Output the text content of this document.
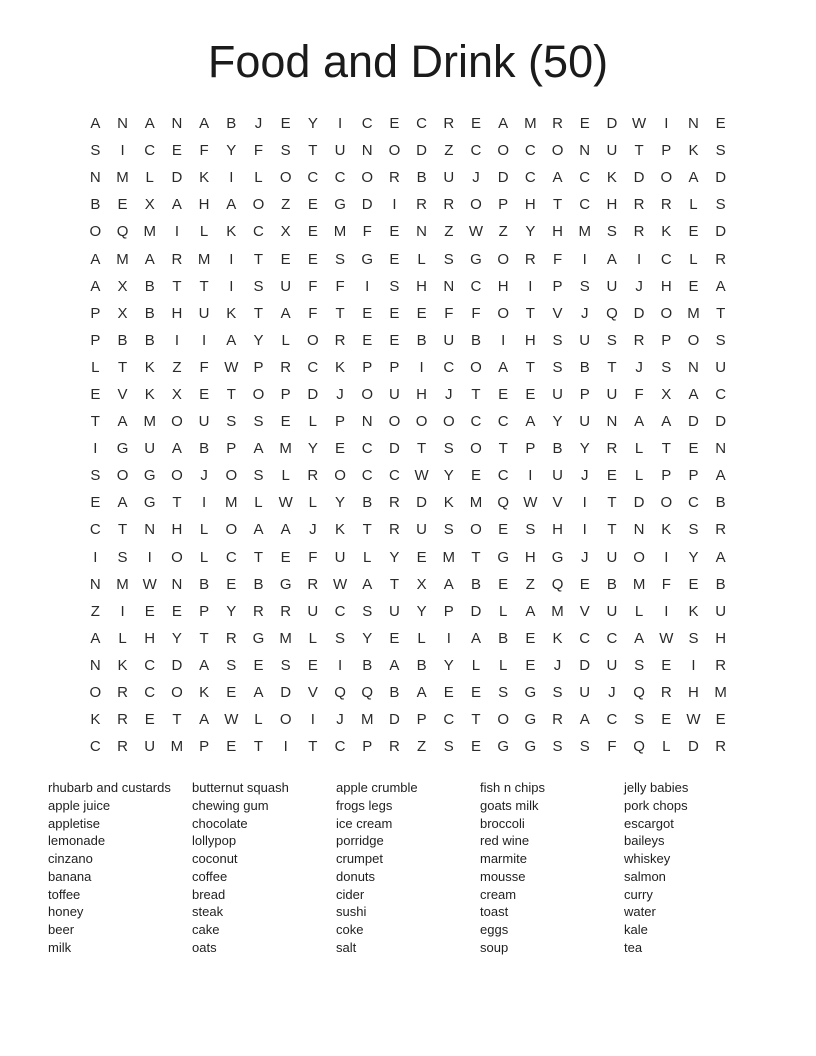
Food and Drink (50)
A	N	A	N	A	B	J	E	Y	I	C	E	C	R	E	A	M	R	E	D W	I	N	E
S	I	C	E	F	Y	F	S	T	U	N	O	D	Z	C	O	C	O	N	U	T	P	K	S
N	M	L	D	K	I	L	O	C	C	O	R	B	U	J	D	C	A	C	K	D	O	A	D
B	E	X	A	H	A	O	Z	E	G	D	I	R	R	O	P	H	T	C	H	R	R	L	S
O	Q	M	I	L	K	C	X	E	M	F	E	N	Z	W	Z	Y	H	M	S	R	K	E	D
A	M	A	R	M	I	T	E	E	S	G	E	L	S	G	O	R	F	I	A	I	C	L	R
A	X	B	T	T	I	S	U	F	F	I	S	H	N	C	H	I	P	S	U	J	H	E	A
P	X	B	H	U	K	T	A	F	T	E	E	E	F	F	O	T	V	J	Q	D	O	M	T
P	B	B	I	I	A	Y	L	O	R	E	E	B	U	B	I	H	S	U	S	R	P	O	S
L	T	K	Z	F	W	P	R	C	K	P	P	I	C	O	A	T	S	B	T	J	S	N	U
E	V	K	X	E	T	O	P	D	J	O	U	H	J	T	E	E	U	P	U	F	X	A	C
T	A	M	O	U	S	S	E	L	P	N	O	O	O	C	C	A	Y	U	N	A	A	D	D
I	G	U	A	B	P	A	M	Y	E	C	D	T	S	O	T	P	B	Y	R	L	T	E	N
S	O	G	O	J	O	S	L	R	O	C	C W	Y	E	C	I	U	J	E	L	P	P	A
E	A	G	T	I	M	L	W	L	Y	B	R	D	K	M	Q W	V	I	T	D	O	C	B
C	T	N	H	L	O	A	A	J	K	T	R	U	S	O	E	S	H	I	T	N	K	S	R
I	S	I	O	L	C	T	E	F	U	L	Y	E	M	T	G	H	G	J	U	O	I	Y	A
N	M W N	B	E	B	G	R W	A	T	X	A	B	E	Z	Q	E	B	M	F	E	B
Z	I	E	E	P	Y	R	R	U	C	S	U	Y	P	D	L	A	M	V	U	L	I	K	U
A	L	H	Y	T	R	G	M	L	S	Y	E	L	I	A	B	E	K	C	C	A	W	S	H
N	K	C	D	A	S	E	S	E	I	B	A	B	Y	L	L	E	J	D	U	S	E	I	R
O	R	C	O	K	E	A	D	V	Q	Q	B	A	E	E	S	G	S	U	J	Q	R	H	M
K	R	E	T	A	W	L	O	I	J	M	D	P	C	T	O	G	R	A	C	S	E	W	E
C	R	U	M	P	E	T	I	T	C	P	R	Z	S	E	G	G	S	S	F	Q	L	D	R
rhubarb and custards
apple juice
appletise
lemonade
cinzano
banana
toffee
honey
beer
milk
butternut squash
chewing gum
chocolate
lollypop
coconut
coffee
bread
steak
cake
oats
apple crumble
frogs legs
ice cream
porridge
crumpet
donuts
cider
sushi
coke
salt
fish n chips
goats milk
broccoli
red wine
marmite
mousse
cream
toast
eggs
soup
jelly babies
pork chops
escargot
baileys
whiskey
salmon
curry
water
kale
tea
